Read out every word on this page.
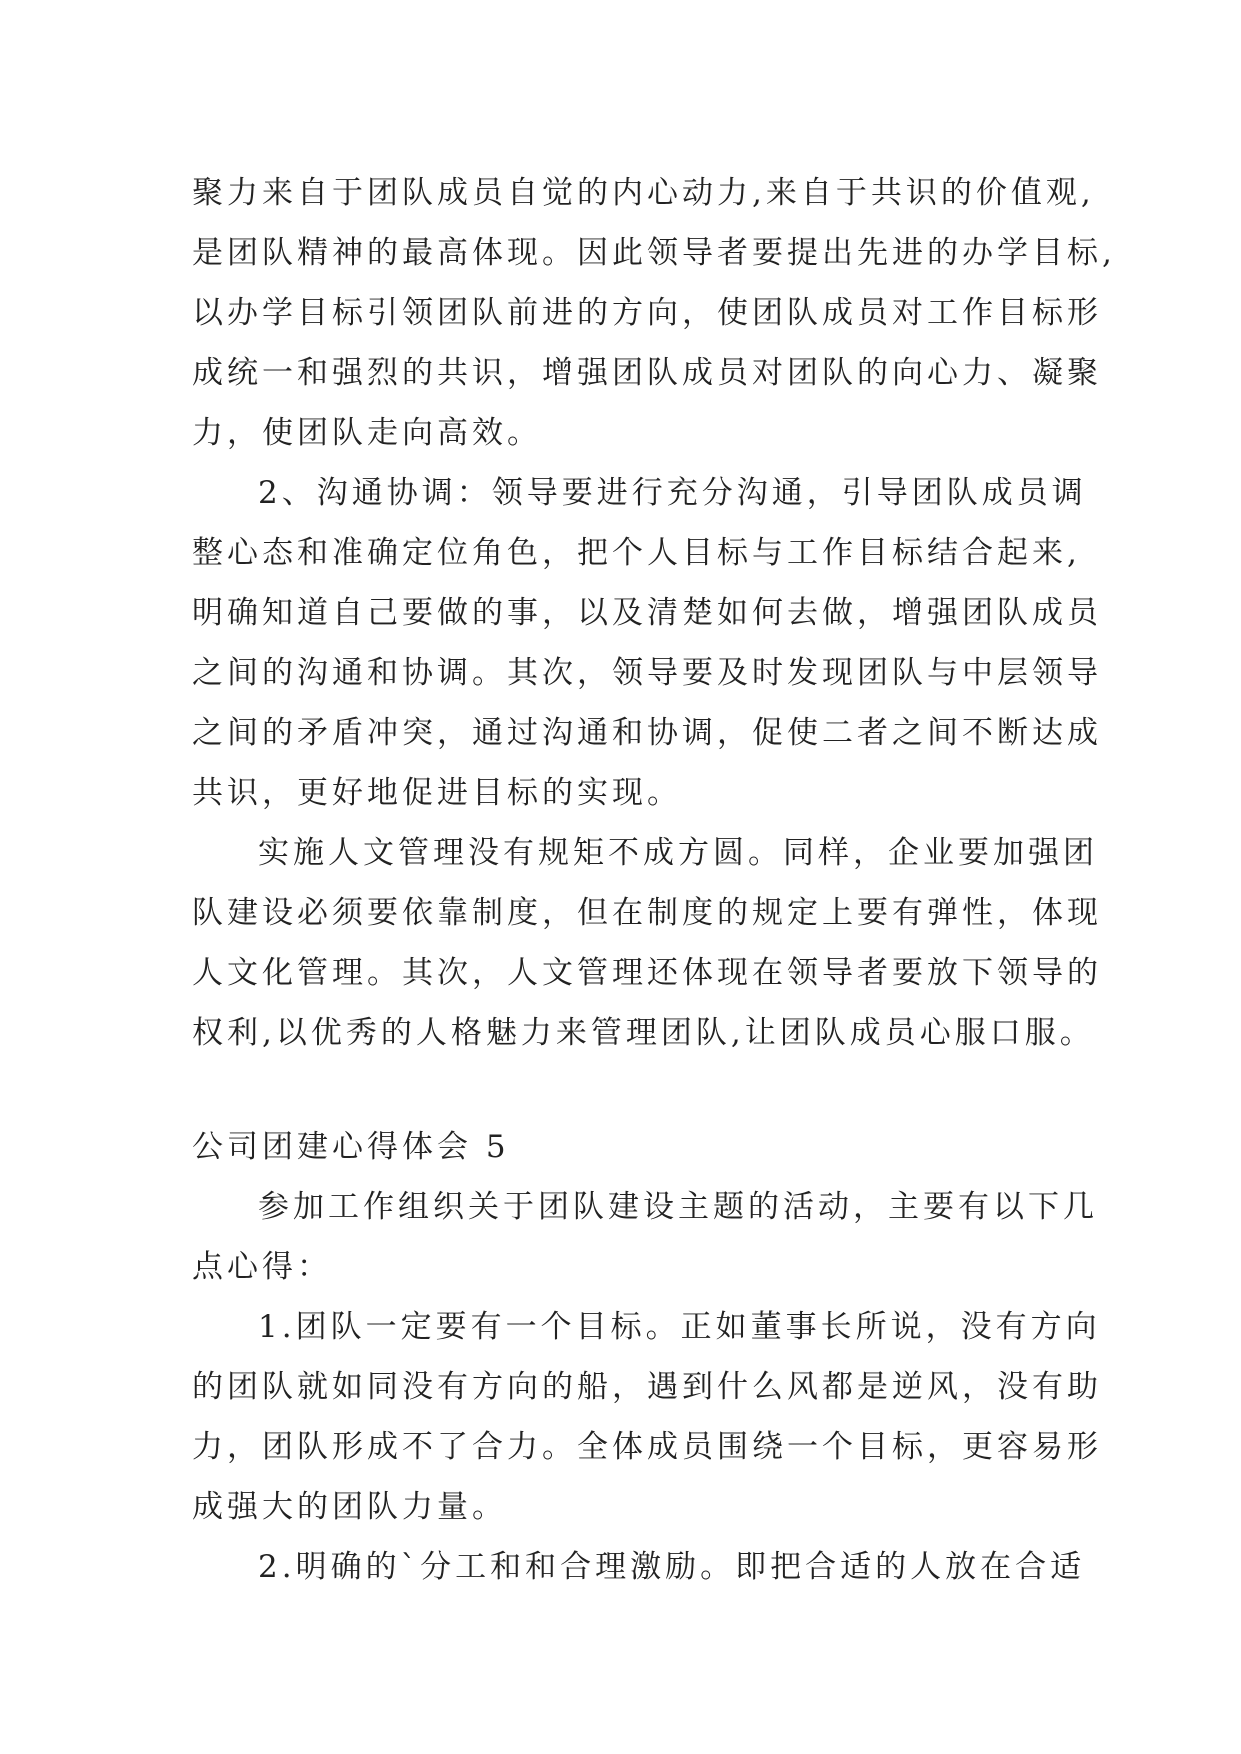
聚力来自于团队成员自觉的内心动力,来自于共识的价值观,
是团队精神的最高体现。因此领导者要提出先进的办学目标,
以办学目标引领团队前进的方向，使团队成员对工作目标形
成统一和强烈的共识，增强团队成员对团队的向心力、凝聚
力，使团队走向高效。
2、沟通协调：领导要进行充分沟通，引导团队成员调
整心态和准确定位角色，把个人目标与工作目标结合起来,
明确知道自己要做的事，以及清楚如何去做，增强团队成员
之间的沟通和协调。其次，领导要及时发现团队与中层领导
之间的矛盾冲突，通过沟通和协调，促使二者之间不断达成
共识，更好地促进目标的实现。
实施人文管理没有规矩不成方圆。同样，企业要加强团
队建设必须要依靠制度，但在制度的规定上要有弹性，体现
人文化管理。其次，人文管理还体现在领导者要放下领导的
权利,以优秀的人格魅力来管理团队,让团队成员心服口服。
公司团建心得体会 5
参加工作组织关于团队建设主题的活动，主要有以下几
点心得：
1.团队一定要有一个目标。正如董事长所说，没有方向
的团队就如同没有方向的船，遇到什么风都是逆风，没有助
力，团队形成不了合力。全体成员围绕一个目标，更容易形
成强大的团队力量。
2.明确的`分工和和合理激励。即把合适的人放在合适
